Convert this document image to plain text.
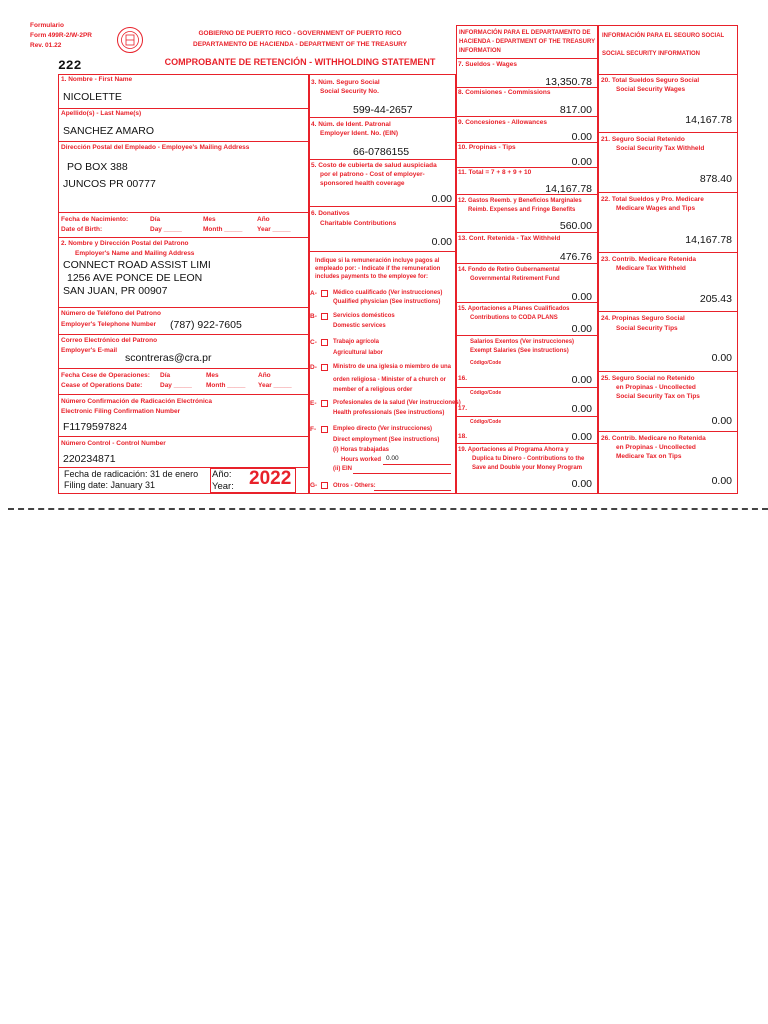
Formulario
Form 499R-2/W-2PR
Rev. 01.22
222
GOBIERNO DE PUERTO RICO - GOVERNMENT OF PUERTO RICO
DEPARTAMENTO DE HACIENDA - DEPARTMENT OF THE TREASURY
COMPROBANTE DE RETENCIÓN - WITHHOLDING STATEMENT
1. Nombre - First Name
NICOLETTE
Apellido(s) - Last Name(s)
SANCHEZ AMARO
Dirección Postal del Empleado - Employee's Mailing Address
PO BOX 388
JUNCOS PR 00777
Fecha de Nacimiento:
Date of Birth:
Día
Day _____
Mes
Month _____
Año
Year _____
2. Nombre y Dirección Postal del Patrono
Employer's Name and Mailing Address
CONNECT ROAD ASSIST LIMI
1256 AVE PONCE DE LEON
SAN JUAN, PR 00907
Número de Teléfono del Patrono
Employer's Telephone Number (787) 922-7605
Correo Electrónico del Patrono
Employer's E-mail
scontreras@cra.pr
Fecha Cese de Operaciones:
Cease of Operations Date:
Día
Day _____
Mes
Month _____
Año
Year _____
Número Confirmación de Radicación Electrónica
Electronic Filing Confirmation Number
F1179597824
Número Control - Control Number
220234871
Fecha de radicación: 31 de enero
Filing date: January 31
Año:
Year: 2022
3. Núm. Seguro Social
Social Security No.
599-44-2657
4. Núm. de Ident. Patronal
Employer Ident. No. (EIN)
66-0786155
5. Costo de cubierta de salud auspiciada
por el patrono - Cost of employer-
sponsored health coverage
0.00
6. Donativos
Charitable Contributions
0.00
Indique si la remuneración incluye pagos al
empleado por: - Indicate if the remuneration
includes payments to the employee for:
A-	Médico cualificado (Ver instrucciones)
Qualified physician (See instructions)
B-	Servicios domésticos
Domestic services
C-	Trabajo agrícola
Agricultural labor
D-	Ministro de una iglesia o miembro de una
orden religiosa - Minister of a church or
member of a religious order
E-	Profesionales de la salud (Ver instrucciones)
Health professionals (See instructions)
F-	Empleo directo (Ver instrucciones)
Direct employment (See instructions)
(i) Horas trabajadas
Hours worked 0.00
(ii) EIN
G-	Otros - Others:
INFORMACIÓN PARA EL DEPARTAMENTO DE
HACIENDA - DEPARTMENT OF THE TREASURY
INFORMATION
7. Sueldos - Wages
13,350.78
8. Comisiones - Commissions
817.00
9. Concesiones - Allowances
0.00
10. Propinas - Tips
0.00
11. Total = 7 + 8 + 9 + 10
14,167.78
12. Gastos Reemb. y Beneficios Marginales
Reimb. Expenses and Fringe Benefits
560.00
13. Cont. Retenida - Tax Withheld
476.76
14. Fondo de Retiro Gubernamental
Governmental Retirement Fund
0.00
15. Aportaciones a Planes Cualificados
Contributions to CODA PLANS
0.00
Salarios Exentos (Ver instrucciones)
Exempt Salaries (See instructions)
Código/Code
16.	0.00
Código/Code
17.	0.00
Código/Code
18.	0.00
19. Aportaciones al Programa Ahorra y
Duplica tu Dinero - Contributions to the
Save and Double your Money Program
0.00
INFORMACIÓN PARA EL SEGURO SOCIAL
SOCIAL SECURITY INFORMATION
20. Total Sueldos Seguro Social
Social Security Wages
14,167.78
21. Seguro Social Retenido
Social Security Tax Withheld
878.40
22. Total Sueldos y Pro. Medicare
Medicare Wages and Tips
14,167.78
23. Contrib. Medicare Retenida
Medicare Tax Withheld
205.43
24. Propinas Seguro Social
Social Security Tips
0.00
25. Seguro Social no Retenido
en Propinas - Uncollected
Social Security Tax on Tips
0.00
26. Contrib. Medicare no Retenida
en Propinas - Uncollected
Medicare Tax on Tips
0.00
